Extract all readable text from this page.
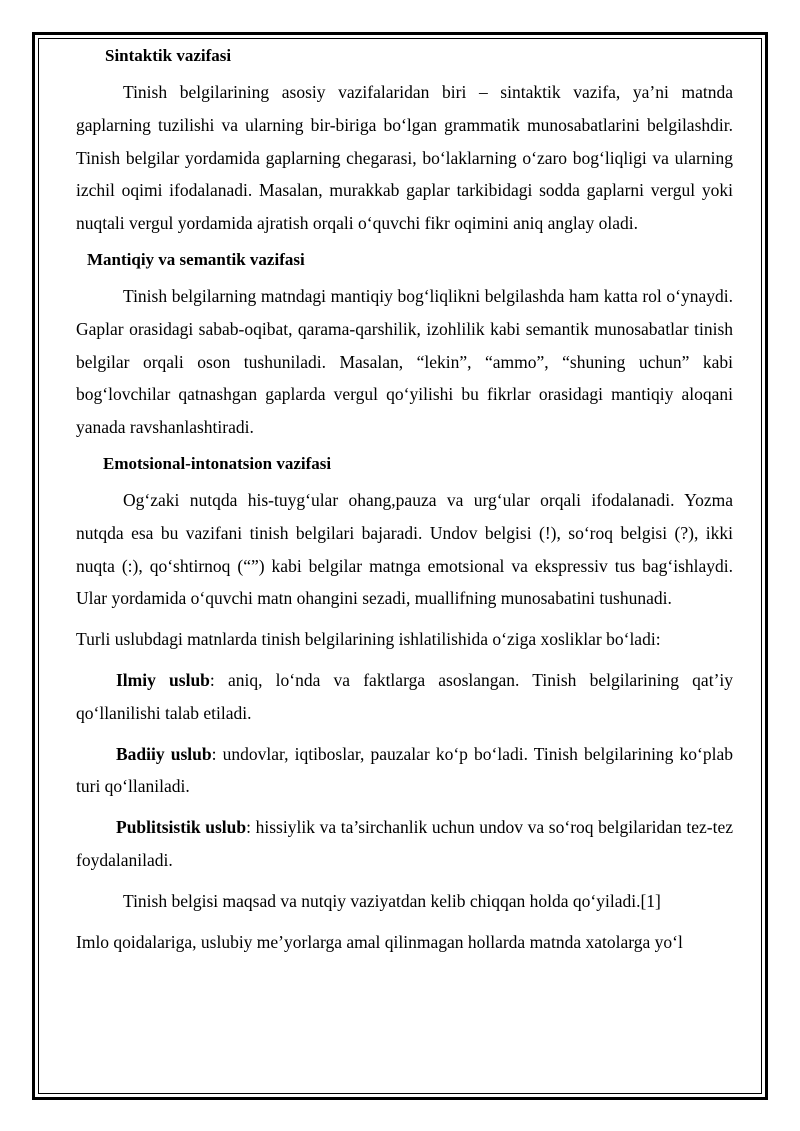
Sintaktik vazifasi

Tinish belgilarining asosiy vazifalaridan biri – sintaktik vazifa, ya’ni matnda gaplarning tuzilishi va ularning bir-biriga bo‘lgan grammatik munosabatlarini belgilashdir. Tinish belgilar yordamida gaplarning chegarasi, bo‘laklarning o‘zaro bog‘liqligi va ularning izchil oqimi ifodalanadi. Masalan, murakkab gaplar tarkibidagi sodda gaplarni vergul yoki nuqtali vergul yordamida ajratish orqali o‘quvchi fikr oqimini aniq anglay oladi.

Mantiqiy va semantik vazifasi

Tinish belgilarning matndagi mantiqiy bog‘liqlikni belgilashda ham katta rol o‘ynaydi. Gaplar orasidagi sabab-oqibat, qarama-qarshilik, izohlilik kabi semantik munosabatlar tinish belgilar orqali oson tushuniladi. Masalan, “lekin”, “ammo”, “shuning uchun” kabi bog‘lovchilar qatnashgan gaplarda vergul qo‘yilishi bu fikrlar orasidagi mantiqiy aloqani yanada ravshanlashtiradi.

Emotsional-intonatsion vazifasi

Og‘zaki nutqda his-tuyg‘ular ohang,pauza va urg‘ular orqali ifodalanadi. Yozma nutqda esa bu vazifani tinish belgilari bajaradi. Undov belgisi (!), so‘roq belgisi (?), ikki nuqta (:), qo‘shtirnoq (“”) kabi belgilar matnga emotsional va ekspressiv tus bag‘ishlaydi. Ular yordamida o‘quvchi matn ohangini sezadi, muallifning munosabatini tushunadi.

Turli uslubdagi matnlarda tinish belgilarining ishlatilishida o‘ziga xosliklar bo‘ladi:

Ilmiy uslub: aniq, lo‘nda va faktlarga asoslangan. Tinish belgilarining qat’iy qo‘llanilishi talab etiladi.

Badiiy uslub: undovlar, iqtiboslar, pauzalar ko‘p bo‘ladi. Tinish belgilarining ko‘plab turi qo‘llaniladi.

Publitsistik uslub: hissiylik va ta’sirchanlik uchun undov va so‘roq belgilaridan tez-tez foydalaniladi.

Tinish belgisi maqsad va nutqiy vaziyatdan kelib chiqqan holda qo‘yiladi.[1]

Imlo qoidalariga, uslubiy me’yorlarga amal qilinmagan hollarda matnda xatolarga yo‘l
